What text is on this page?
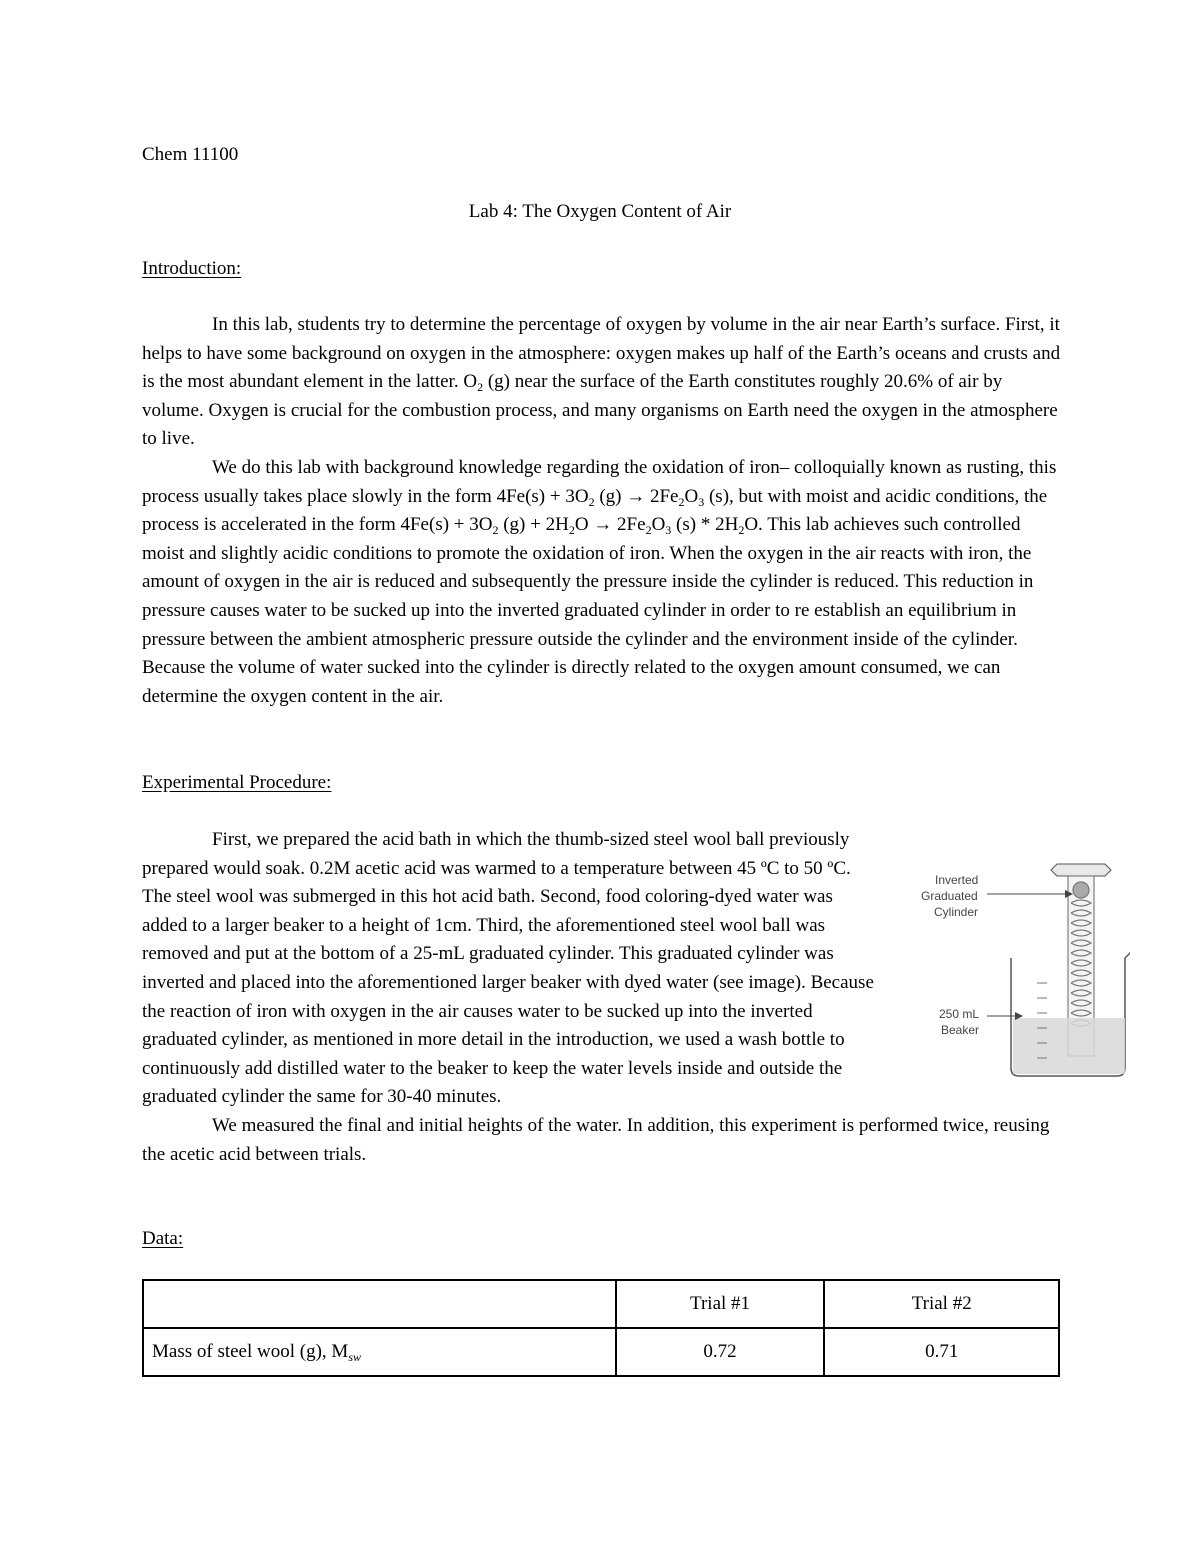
Chem 11100
Lab 4: The Oxygen Content of Air
Introduction:

In this lab, students try to determine the percentage of oxygen by volume in the air near Earth’s surface. First, it helps to have some background on oxygen in the atmosphere: oxygen makes up half of the Earth’s oceans and crusts and is the most abundant element in the latter. $O_2$ (g) near the surface of the Earth constitutes roughly 20.6% of air by volume. Oxygen is crucial for the combustion process, and many organisms on Earth need the oxygen in the atmosphere to live.

We do this lab with background knowledge regarding the oxidation of iron– colloquially known as rusting, this process usually takes place slowly in the form $4Fe(s) + 3O_2$ $(g) \to 2Fe_2O_3$ (s), but with moist and acidic conditions, the process is accelerated in the form $4Fe(s) + 3O_2$ $(g) + 2H_2O \to 2Fe_2O_3$ $(s) * 2H_2O$. This lab achieves such controlled moist and slightly acidic conditions to promote the oxidation of iron. When the oxygen in the air reacts with iron, the amount of oxygen in the air is reduced and subsequently the pressure inside the cylinder is reduced. This reduction in pressure causes water to be sucked up into the inverted graduated cylinder in order to re establish an equilibrium in pressure between the ambient atmospheric pressure outside the cylinder and the environment inside of the cylinder. Because the volume of water sucked into the cylinder is directly related to the oxygen amount consumed, we can determine the oxygen content in the air.

Experimental Procedure:

First, we prepared the acid bath in which the thumb-sized steel wool ball previously prepared would soak. 0.2M acetic acid was warmed to a temperature between 45 ºC to 50 ºC. The steel wool was submerged in this hot acid bath. Second, food coloring-dyed water was added to a larger beaker to a height of 1cm. Third, the aforementioned steel wool ball was removed and put at the bottom of a 25-mL graduated cylinder. This graduated cylinder was inverted and placed into the aforementioned larger beaker with dyed water (see image). Because the reaction of iron with oxygen in the air causes water to be sucked up into the inverted graduated cylinder, as mentioned in more detail in the introduction, we used a wash bottle to continuously add distilled water to the beaker to keep the water levels inside and outside the graduated cylinder the same for 30-40 minutes.

We measured the final and initial heights of the water. In addition, this experiment is performed twice, reusing the acetic acid between trials.

Inverted
Graduated
Cylinder
250 mL
Beaker
Data:
	Trial #1	Trial #2
Mass of steel wool (g), $M_{sw}$	0.72	0.71
